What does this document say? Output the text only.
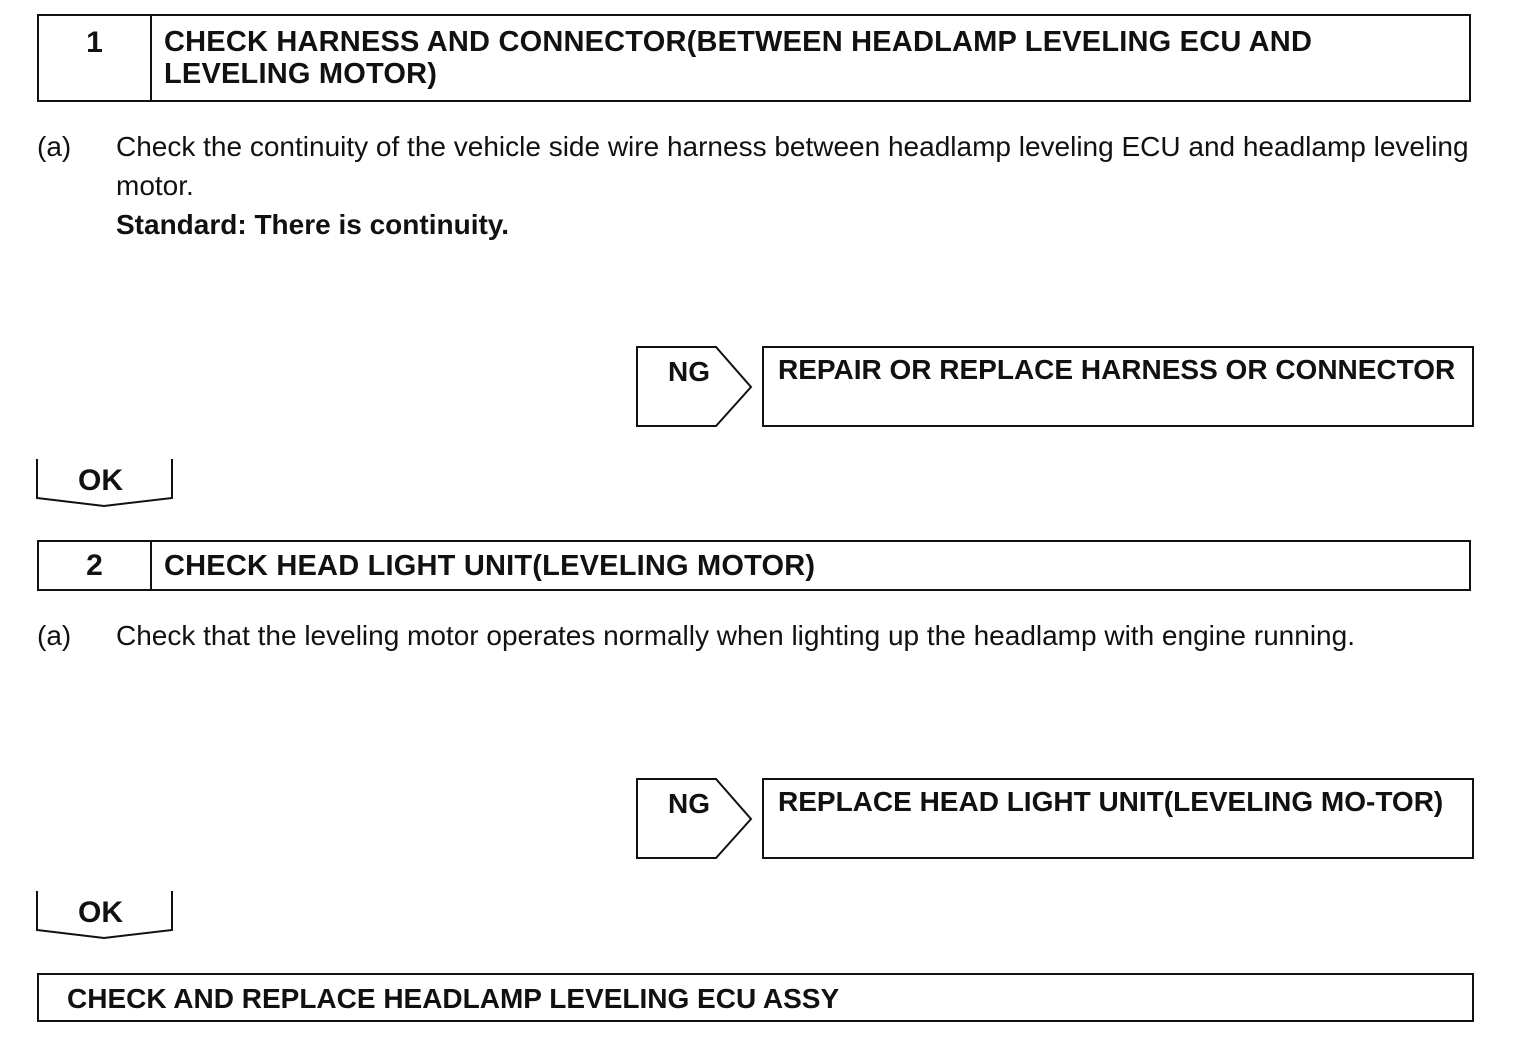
1	CHECK HARNESS AND CONNECTOR(BETWEEN HEADLAMP LEVELING ECU AND LEVELING MOTOR)
(a)	Check the continuity of the vehicle side wire harness between headlamp leveling ECU and headlamp leveling motor.
Standard: There is continuity.
NG	REPAIR OR REPLACE HARNESS OR CONNECTOR
OK
2	CHECK HEAD LIGHT UNIT(LEVELING MOTOR)
(a)	Check that the leveling motor operates normally when lighting up the headlamp with engine running.
NG	REPLACE HEAD LIGHT UNIT(LEVELING MO-TOR)
OK
CHECK AND REPLACE HEADLAMP LEVELING ECU ASSY
